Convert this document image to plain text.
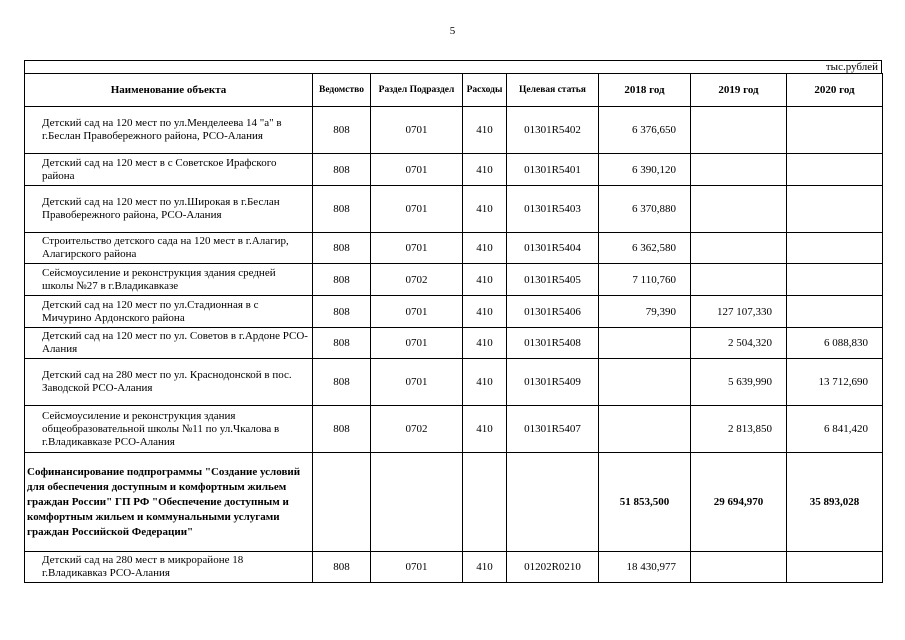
5
тыс.рублей
Наименование объекта	Ведомство	Раздел Подраздел	Расходы	Целевая статья	2018 год	2019 год	2020 год
Детский сад на 120 мест по ул.Менделеева 14 "а" в г.Беслан Правобережного района, РСО-Алания	808	0701	410	01301R5402	6 376,650		
Детский сад на 120 мест в с Советское Ирафского района	808	0701	410	01301R5401	6 390,120		
Детский сад на 120 мест по ул.Широкая в г.Беслан Правобережного района, РСО-Алания	808	0701	410	01301R5403	6 370,880		
Строительство детского сада на 120 мест в г.Алагир, Алагирского района	808	0701	410	01301R5404	6 362,580		
Сейсмоусиление и реконструкция здания средней школы №27 в г.Владикавказе	808	0702	410	01301R5405	7 110,760		
Детский сад на 120 мест по ул.Стадионная в с Мичурино Ардонского района	808	0701	410	01301R5406	79,390	127 107,330	
Детский сад на 120 мест по ул. Советов в г.Ардоне РСО-Алания	808	0701	410	01301R5408		2 504,320	6 088,830
Детский сад на 280 мест по ул. Краснодонской в пос. Заводской РСО-Алания	808	0701	410	01301R5409		5 639,990	13 712,690
Сейсмоусиление и реконструкция здания общеобразовательной школы №11 по ул.Чкалова в г.Владикавказе РСО-Алания	808	0702	410	01301R5407		2 813,850	6 841,420
Софинансирование подпрограммы "Создание условий для обеспечения доступным и комфортным жильем граждан России" ГП РФ "Обеспечение доступным и комфортным жильем и коммунальными услугами граждан Российской Федерации"					51 853,500	29 694,970	35 893,028
Детский сад на 280 мест в микрорайоне 18 г.Владикавказ РСО-Алания	808	0701	410	01202R0210	18 430,977		
